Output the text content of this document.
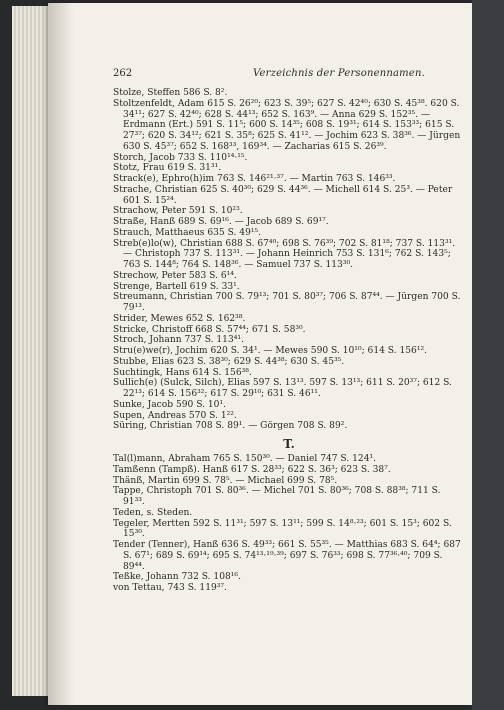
262	Verzeichnis der Personennamen.

Stolze, Steffen 586 S. 8².

Stoltzenfeldt, Adam 615 S. 26²⁰; 623 S. 39⁵; 627 S. 42⁴⁰; 630 S. 45³⁸. 620 S. 34¹¹; 627 S. 42⁴⁰; 628 S. 44¹³; 652 S. 163⁹. — Anna 629 S. 152³⁵. — Erdmann (Ert.) 591 S. 11⁵; 600 S. 14³⁵; 608 S. 19³¹; 614 S. 153³³; 615 S. 27³⁷; 620 S. 34¹²; 621 S. 35⁸; 625 S. 41¹². — Jochim 623 S. 38³⁶. — Jürgen 630 S. 45³⁷; 652 S. 168³³, 169³⁴. — Zacharias 615 S. 26³⁹.

Storch, Jacob 733 S. 110¹⁴·¹⁵.

Stotz, Frau 619 S. 31³¹.

Strack(e), Ephro(h)im 763 S. 146²¹·³⁷. — Martin 763 S. 146³³.

Strache, Christian 625 S. 40³⁰; 629 S. 44³⁶. — Michell 614 S. 25³. — Peter 601 S. 15²⁴.

Strachow, Peter 591 S. 10²³.

Straße, Hanß 689 S. 69¹⁶. — Jacob 689 S. 69¹⁷.

Strauch, Matthaeus 635 S. 49¹⁵.

Streb(e)lo(w), Christian 688 S. 67⁴⁰; 698 S. 76³⁹; 702 S. 81¹⁸; 737 S. 113³¹. — Christoph 737 S. 113³¹. — Johann Heinrich 753 S. 131⁶; 762 S. 143⁵; 763 S. 144⁸; 764 S. 148³⁶. — Samuel 737 S. 113³⁰.

Strechow, Peter 583 S. 6¹⁴.

Strenge, Bartell 619 S. 33¹.

Streumann, Christian 700 S. 79¹³; 701 S. 80³⁷; 706 S. 87⁴⁴. — Jürgen 700 S. 79¹³.

Strider, Mewes 652 S. 162³⁸.

Stricke, Christoff 668 S. 57⁴⁴; 671 S. 58³⁰.

Stroch, Johann 737 S. 113⁴¹.

Stru(e)we(r), Jochim 620 S. 34¹. — Mewes 590 S. 10¹⁰; 614 S. 156¹².

Stubbe, Elias 623 S. 38³⁰; 629 S. 44³⁸; 630 S. 45³⁵.

Suchtingk, Hans 614 S. 156³⁸.

Sullich(e) (Sulck, Silch), Elias 597 S. 13¹³. 597 S. 13¹³; 611 S. 20³⁷; 612 S. 22¹³; 614 S. 156³²; 617 S. 29¹⁰; 631 S. 46¹¹.

Sunke, Jacob 590 S. 10¹.

Supen, Andreas 570 S. 1²².

Süring, Christian 708 S. 89¹. — Görgen 708 S. 89².

T.

Tal(l)mann, Abraham 765 S. 150³⁰. — Daniel 747 S. 124¹.

Tamßenn (Tampß). Hanß 617 S. 28³³; 622 S. 36³; 623 S. 38⁷.

Thänß, Martin 699 S. 78⁵. — Michael 699 S. 78⁵.

Tappe, Christoph 701 S. 80³⁶. — Michel 701 S. 80³⁶; 708 S. 88³⁸; 711 S. 91³³.

Teden, s. Steden.

Tegeler, Mertten 592 S. 11³¹; 597 S. 13¹¹; 599 S. 14⁸·²³; 601 S. 15³; 602 S. 15³⁰.

Tender (Tenner), Hanß 636 S. 49³³; 661 S. 55³⁵. — Matthias 683 S. 64⁴; 687 S. 67¹; 689 S. 69¹⁴; 695 S. 74¹³·¹⁹·³⁹; 697 S. 76³³; 698 S. 77³⁶·⁴⁰; 709 S. 89⁴⁴.

Teßke, Johann 732 S. 108¹⁶.

von Tettau, 743 S. 119³⁷.
